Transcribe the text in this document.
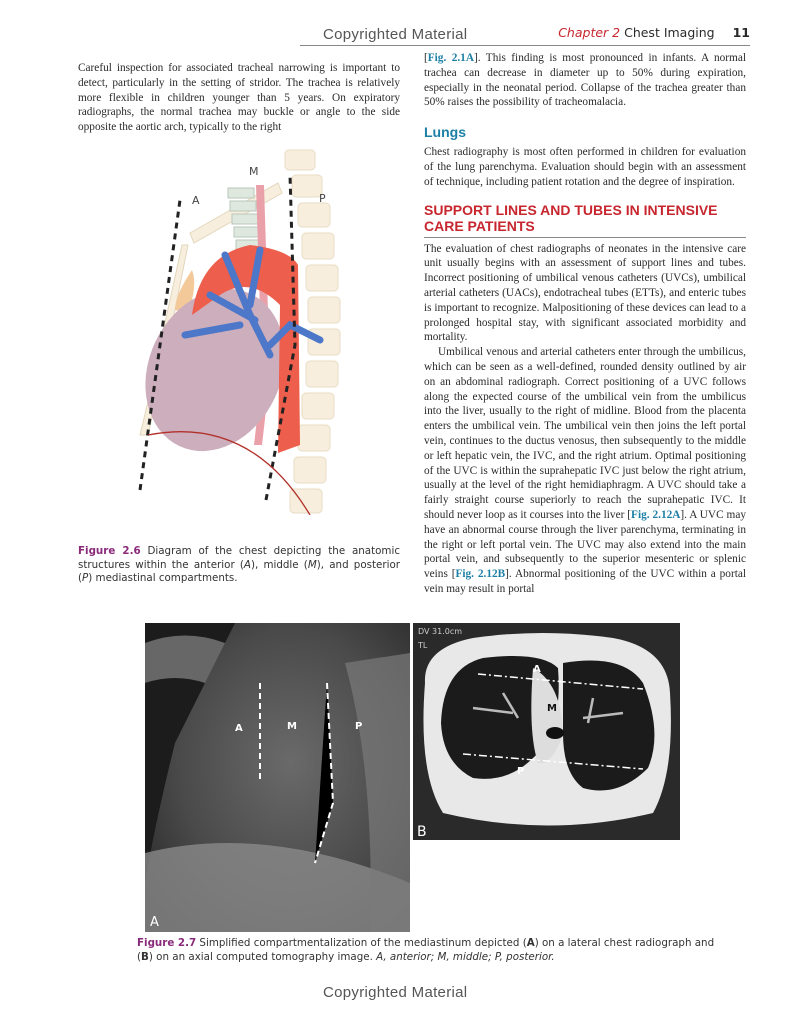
Copyrighted Material	Chapter 2 Chest Imaging 11

Careful inspection for associated tracheal narrowing is important to detect, particularly in the setting of stridor. The trachea is relatively more flexible in children younger than 5 years. On expiratory radiographs, the normal trachea may buckle or angle to the side opposite the aortic arch, typically to the right

[Fig. 2.1A]. This finding is most pronounced in infants. A normal trachea can decrease in diameter up to 50% during expiration, especially in the neonatal period. Collapse of the trachea greater than 50% raises the possibility of tracheomalacia.

Lungs

Chest radiography is most often performed in children for evaluation of the lung parenchyma. Evaluation should begin with an assessment of technique, including patient rotation and the degree of inspiration.

SUPPORT LINES AND TUBES IN INTENSIVE CARE PATIENTS

The evaluation of chest radiographs of neonates in the intensive care unit usually begins with an assessment of support lines and tubes. Incorrect positioning of umbilical venous catheters (UVCs), umbilical arterial catheters (UACs), endotracheal tubes (ETTs), and enteric tubes is important to recognize. Malpositioning of these devices can lead to a prolonged hospital stay, with significant associated morbidity and mortality.

Umbilical venous and arterial catheters enter through the umbilicus, which can be seen as a well-defined, rounded density outlined by air on an abdominal radiograph. Correct positioning of a UVC follows along the expected course of the umbilical vein from the umbilicus into the liver, usually to the right of midline. Blood from the placenta enters the umbilical vein. The umbilical vein then joins the left portal vein, continues to the ductus venosus, then subsequently to the middle or left hepatic vein, the IVC, and the right atrium. Optimal positioning of the UVC is within the suprahepatic IVC just below the right atrium, usually at the level of the right hemidiaphragm. A UVC should take a fairly straight course superiorly to reach the suprahepatic IVC. It should never loop as it courses into the liver [Fig. 2.12A]. A UVC may have an abnormal course through the liver parenchyma, terminating in the right or left portal vein. The UVC may also extend into the main portal vein, and subsequently to the superior mesenteric or splenic veins [Fig. 2.12B]. Abnormal positioning of the UVC within a portal vein may result in portal

A
M
P
Figure 2.6 Diagram of the chest depicting the anatomic structures within the anterior (A), middle (M), and posterior (P) mediastinal compartments.
A	M	P
A
DV 31.0cm
TL
A
M
P
B
Figure 2.7 Simplified compartmentalization of the mediastinum depicted (A) on a lateral chest radiograph and (B) on an axial computed tomography image. A, anterior; M, middle; P, posterior.
Copyrighted Material
